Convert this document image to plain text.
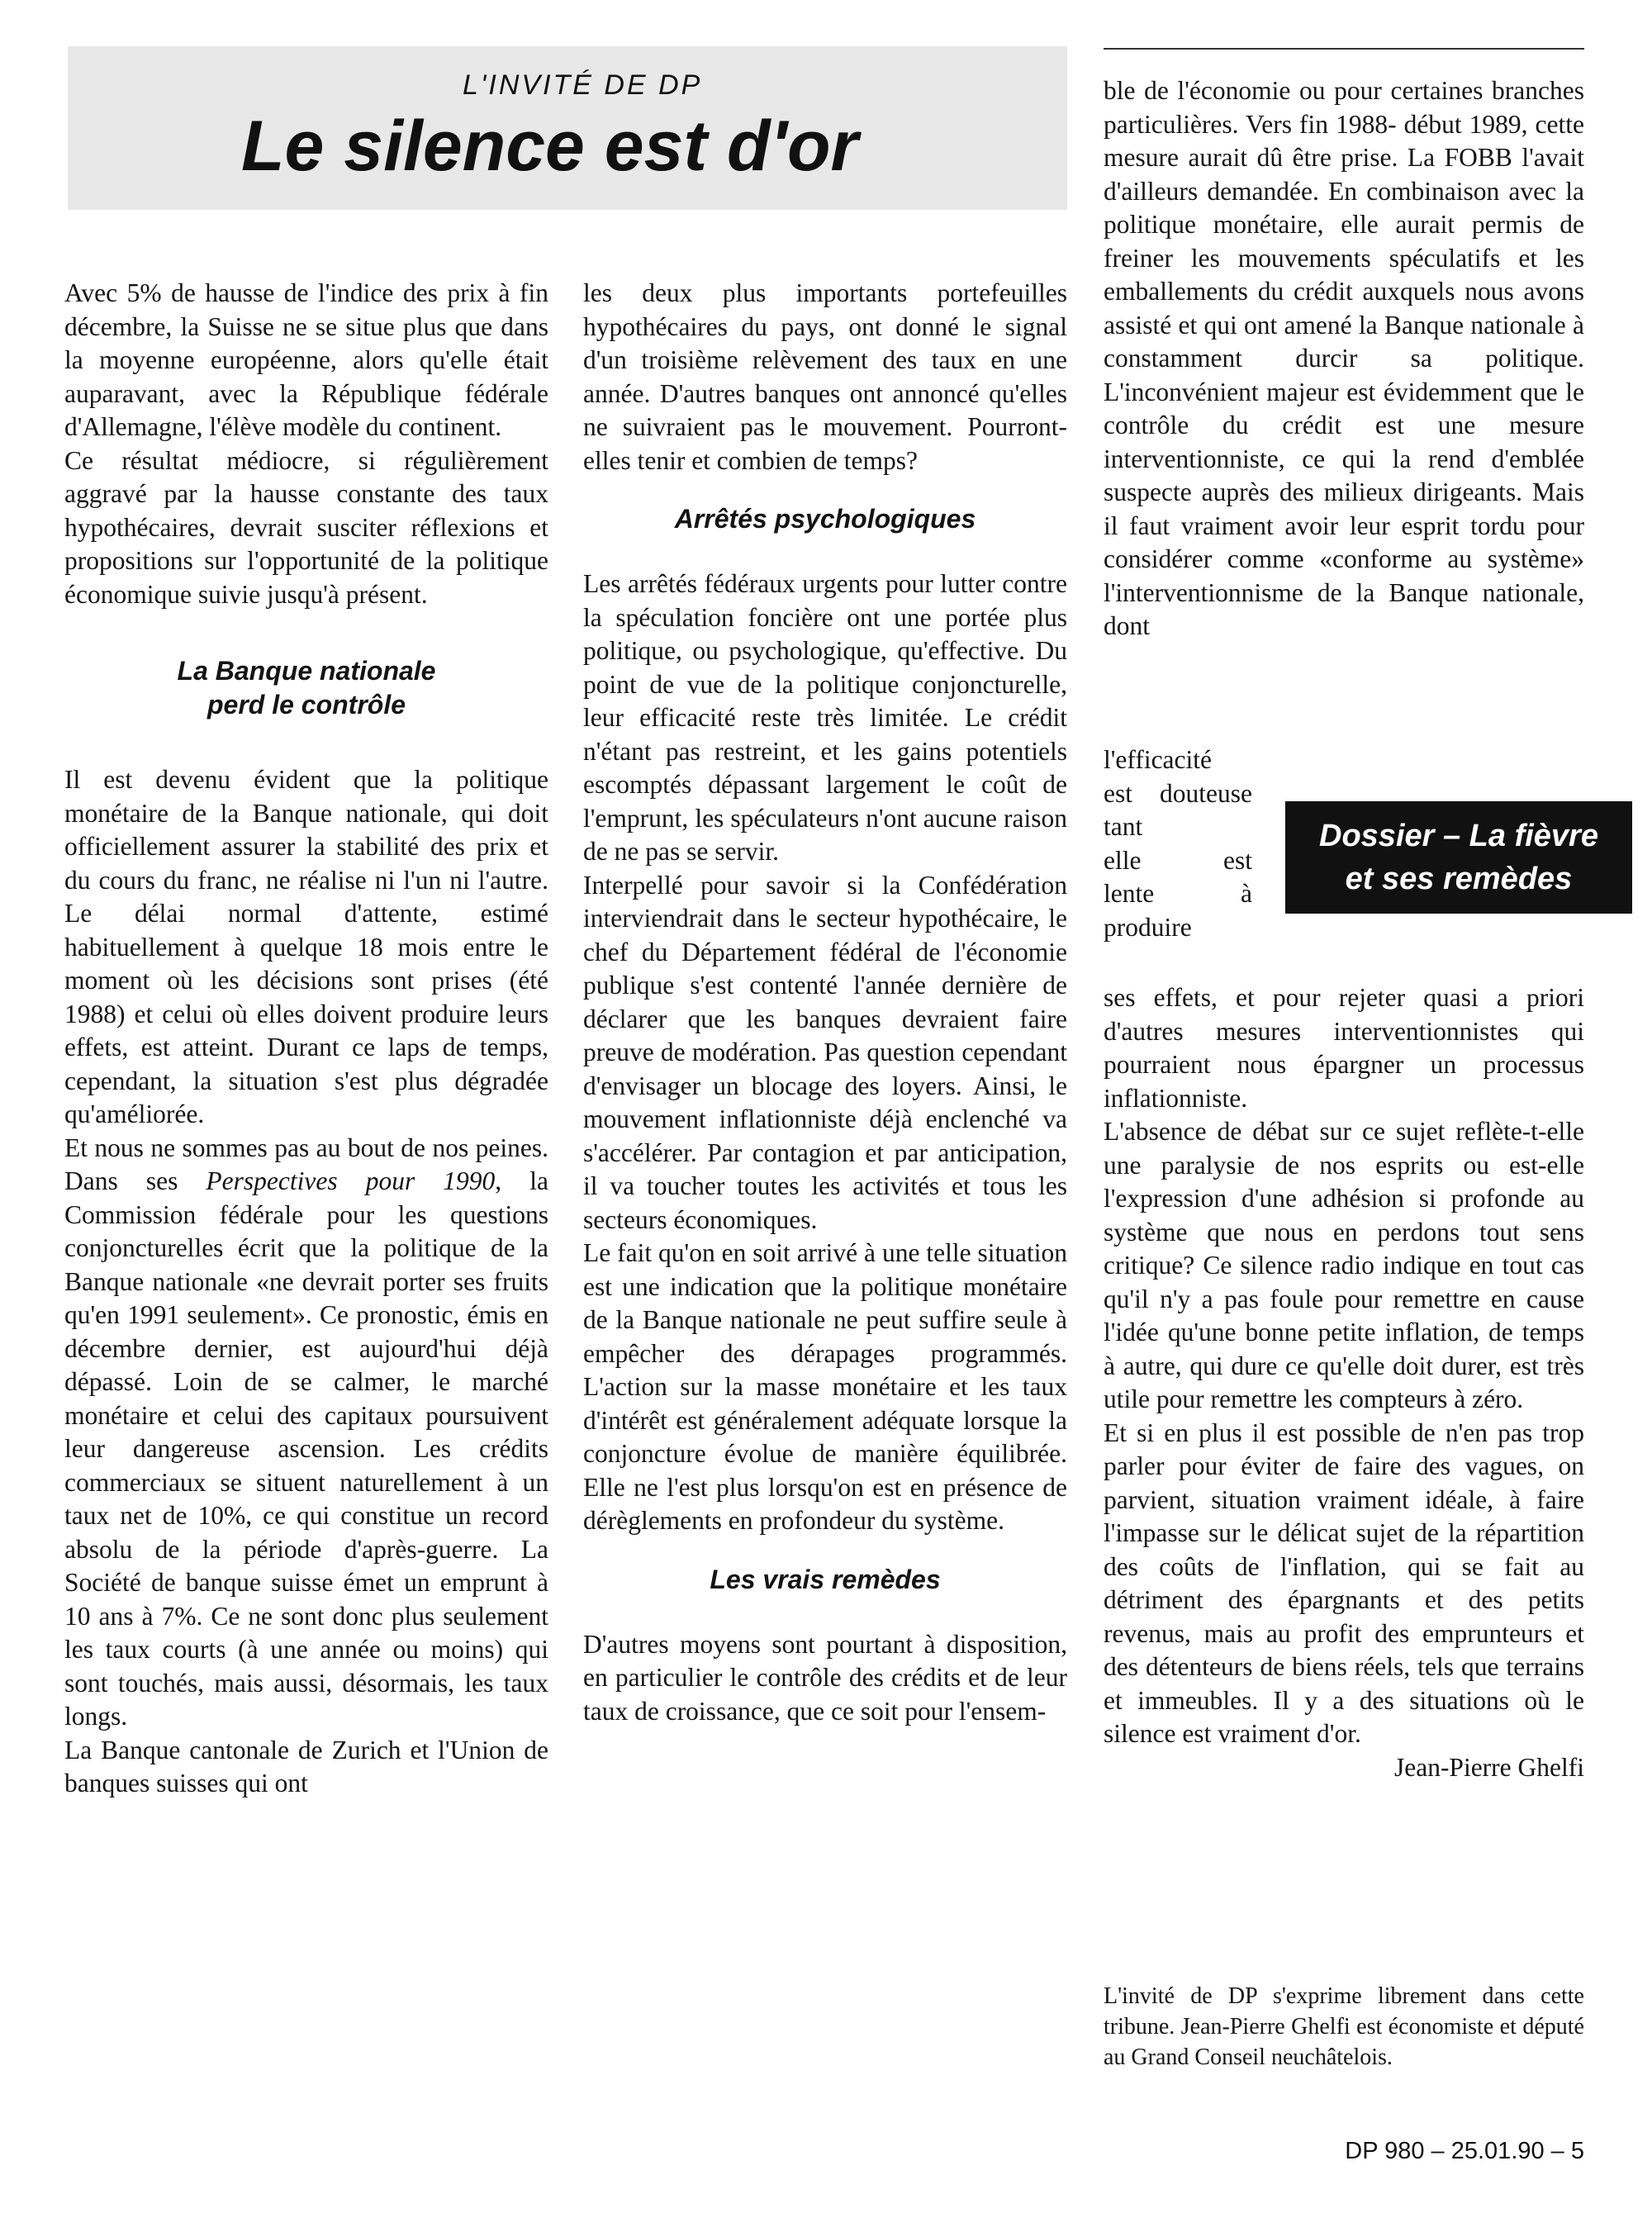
L'INVITÉ DE DP
Le silence est d'or

Avec 5% de hausse de l'indice des prix à fin décembre, la Suisse ne se situe plus que dans la moyenne européenne, alors qu'elle était auparavant, avec la République fédérale d'Allemagne, l'élève modèle du continent.

Ce résultat médiocre, si régulièrement aggravé par la hausse constante des taux hypothécaires, devrait susciter réflexions et propositions sur l'opportunité de la politique économique suivie jusqu'à présent.

La Banque nationale
perd le contrôle

Il est devenu évident que la politique monétaire de la Banque nationale, qui doit officiellement assurer la stabilité des prix et du cours du franc, ne réalise ni l'un ni l'autre. Le délai normal d'attente, estimé habituellement à quelque 18 mois entre le moment où les décisions sont prises (été 1988) et celui où elles doivent produire leurs effets, est atteint. Durant ce laps de temps, cependant, la situation s'est plus dégradée qu'améliorée.

Et nous ne sommes pas au bout de nos peines. Dans ses Perspectives pour 1990, la Commission fédérale pour les questions conjoncturelles écrit que la politique de la Banque nationale «ne devrait porter ses fruits qu'en 1991 seulement». Ce pronostic, émis en décembre dernier, est aujourd'hui déjà dépassé. Loin de se calmer, le marché monétaire et celui des capitaux poursuivent leur dangereuse ascension. Les crédits commerciaux se situent naturellement à un taux net de 10%, ce qui constitue un record absolu de la période d'après-guerre. La Société de banque suisse émet un emprunt à 10 ans à 7%. Ce ne sont donc plus seulement les taux courts (à une année ou moins) qui sont touchés, mais aussi, désormais, les taux longs.

La Banque cantonale de Zurich et l'Union de banques suisses qui ont

les deux plus importants portefeuilles hypothécaires du pays, ont donné le signal d'un troisième relèvement des taux en une année. D'autres banques ont annoncé qu'elles ne suivraient pas le mouvement. Pourront-elles tenir et combien de temps?

Arrêtés psychologiques

Les arrêtés fédéraux urgents pour lutter contre la spéculation foncière ont une portée plus politique, ou psychologique, qu'effective. Du point de vue de la politique conjoncturelle, leur efficacité reste très limitée. Le crédit n'étant pas restreint, et les gains potentiels escomptés dépassant largement le coût de l'emprunt, les spéculateurs n'ont aucune raison de ne pas se servir.

Interpellé pour savoir si la Confédération interviendrait dans le secteur hypothécaire, le chef du Département fédéral de l'économie publique s'est contenté l'année dernière de déclarer que les banques devraient faire preuve de modération. Pas question cependant d'envisager un blocage des loyers. Ainsi, le mouvement inflationniste déjà enclenché va s'accélérer. Par contagion et par anticipation, il va toucher toutes les activités et tous les secteurs économiques.

Le fait qu'on en soit arrivé à une telle situation est une indication que la politique monétaire de la Banque nationale ne peut suffire seule à empêcher des dérapages programmés. L'action sur la masse monétaire et les taux d'intérêt est généralement adéquate lorsque la conjoncture évolue de manière équilibrée. Elle ne l'est plus lorsqu'on est en présence de dérèglements en profondeur du système.

Les vrais remèdes

D'autres moyens sont pourtant à disposition, en particulier le contrôle des crédits et de leur taux de croissance, que ce soit pour l'ensem-

ble de l'économie ou pour certaines branches particulières. Vers fin 1988- début 1989, cette mesure aurait dû être prise. La FOBB l'avait d'ailleurs demandée. En combinaison avec la politique monétaire, elle aurait permis de freiner les mouvements spéculatifs et les emballements du crédit auxquels nous avons assisté et qui ont amené la Banque nationale à constamment durcir sa politique. L'inconvénient majeur est évidemment que le contrôle du crédit est une mesure interventionniste, ce qui la rend d'emblée suspecte auprès des milieux dirigeants. Mais il faut vraiment avoir leur esprit tordu pour considérer comme «conforme au système» l'interventionnisme de la Banque nationale, dont

l'efficacité
est douteuse tant
elle est
lente à
produire
Dossier – La fièvre
et ses remèdes

ses effets, et pour rejeter quasi a priori d'autres mesures interventionnistes qui pourraient nous épargner un processus inflationniste.

L'absence de débat sur ce sujet reflète-t-elle une paralysie de nos esprits ou est-elle l'expression d'une adhésion si profonde au système que nous en perdons tout sens critique? Ce silence radio indique en tout cas qu'il n'y a pas foule pour remettre en cause l'idée qu'une bonne petite inflation, de temps à autre, qui dure ce qu'elle doit durer, est très utile pour remettre les compteurs à zéro.

Et si en plus il est possible de n'en pas trop parler pour éviter de faire des vagues, on parvient, situation vraiment idéale, à faire l'impasse sur le délicat sujet de la répartition des coûts de l'inflation, qui se fait au détriment des épargnants et des petits revenus, mais au profit des emprunteurs et des détenteurs de biens réels, tels que terrains et immeubles. Il y a des situations où le silence est vraiment d'or.

Jean-Pierre Ghelfi

L'invité de DP s'exprime librement dans cette tribune. Jean-Pierre Ghelfi est économiste et député au Grand Conseil neuchâtelois.
DP 980 – 25.01.90 – 5
